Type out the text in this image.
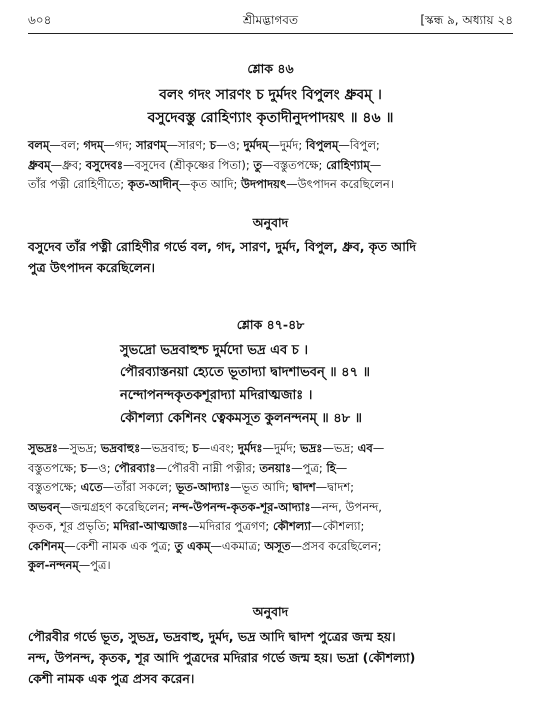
৬০৪	শ্রীমদ্ভাগবত	[স্কন্ধ ৯, অধ্যায় ২৪
শ্লোক ৪৬
বলং গদং সারণং চ দুর্মদং বিপুলং ধ্রুবম্ ।
বসুদেবস্তু রোহিণ্যাং কৃতাদীনুদপাদয়ৎ ॥ ৪৬ ॥
বলম্—বল; গদম্—গদ; সারণম্—সারণ; চ—ও; দুর্মদম্—দুর্মদ; বিপুলম্—বিপুল;
ধ্রুবম্—ধ্রুব; বসুদেবঃ—বসুদেব (শ্রীকৃষ্ণের পিতা); তু—বস্তুতপক্ষে; রোহিণ্যাম্—
তাঁর পত্নী রোহিণীতে; কৃত-আদীন্—কৃত আদি; উদপাদয়ৎ—উৎপাদন করেছিলেন।
অনুবাদ
বসুদেব তাঁর পত্নী রোহিণীর গর্ভে বল, গদ, সারণ, দুর্মদ, বিপুল, ধ্রুব, কৃত আদি
পুত্র উৎপাদন করেছিলেন।
শ্লোক ৪৭-৪৮
সুভদ্রো ভদ্রবাহুশ্চ দুর্মদো ভদ্র এব চ ।
পৌরব্যাস্তনয়া হ্যেতে ভূতাদ্যা দ্বাদশাভবন্ ॥ ৪৭ ॥
নন্দোপনন্দকৃতকশূরাদ্যা মদিরাত্মজাঃ ।
কৌশল্যা কেশিনং ত্বেকমসূত কুলনন্দনম্ ॥ ৪৮ ॥
সুভদ্রঃ—সুভদ্র; ভদ্রবাহুঃ—ভদ্রবাহু; চ—এবং; দুর্মদঃ—দুর্মদ; ভদ্রঃ—ভদ্র; এব—
বস্তুতপক্ষে; চ—ও; পৌরব্যাঃ—পৌরবী নাম্নী পত্নীর; তনয়াঃ—পুত্র; হি—
বস্তুতপক্ষে; এতে—তাঁরা সকলে; ভূত-আদ্যাঃ—ভূত আদি; দ্বাদশ—দ্বাদশ;
অভবন্—জন্মগ্রহণ করেছিলেন; নন্দ-উপনন্দ-কৃতক-শূর-আদ্যাঃ—নন্দ, উপনন্দ,
কৃতক, শূর প্রভৃতি; মদিরা-আত্মজাঃ—মদিরার পুত্রগণ; কৌশল্যা—কৌশল্যা;
কেশিনম্—কেশী নামক এক পুত্র; তু একম্—একমাত্র; অসূত—প্রসব করেছিলেন;
কুল-নন্দনম্—পুত্র।
অনুবাদ
পৌরবীর গর্ভে ভূত, সুভদ্র, ভদ্রবাহু, দুর্মদ, ভদ্র আদি দ্বাদশ পুত্রের জন্ম হয়।
নন্দ, উপনন্দ, কৃতক, শূর আদি পুত্রদের মদিরার গর্ভে জন্ম হয়। ভদ্রা (কৌশল্যা)
কেশী নামক এক পুত্র প্রসব করেন।
